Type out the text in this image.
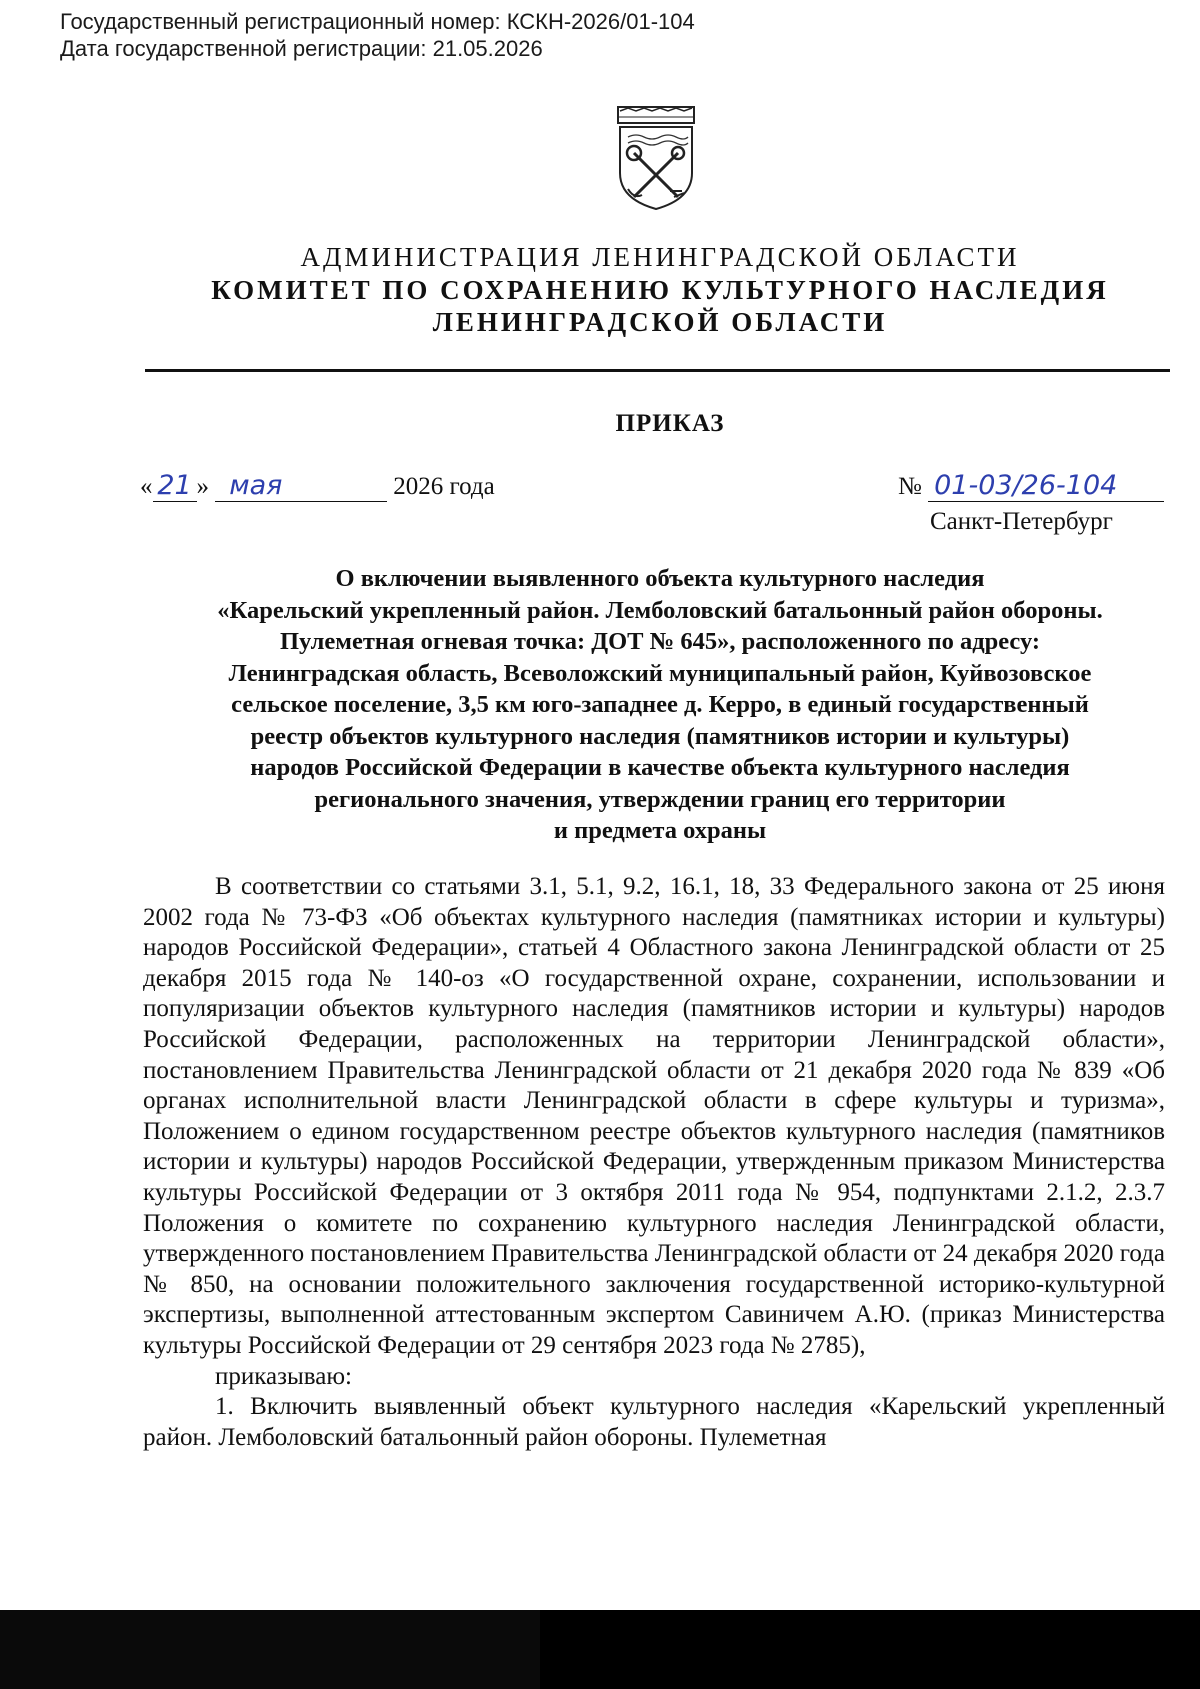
Государственный регистрационный номер: КСКН-2026/01-104
Дата государственной регистрации: 21.05.2026
АДМИНИСТРАЦИЯ ЛЕНИНГРАДСКОЙ ОБЛАСТИ
КОМИТЕТ ПО СОХРАНЕНИЮ КУЛЬТУРНОГО НАСЛЕДИЯ
ЛЕНИНГРАДСКОЙ ОБЛАСТИ
ПРИКАЗ
« 21 » мая	2026 года	№ 01-03/26-104
Санкт-Петербург
О включении выявленного объекта культурного наследия
«Карельский укрепленный район. Лемболовский батальонный район обороны.
Пулеметная огневая точка: ДОТ № 645», расположенного по адресу:
Ленинградская область, Всеволожский муниципальный район, Куйвозовское
сельское поселение, 3,5 км юго-западнее д. Керро, в единый государственный
реестр объектов культурного наследия (памятников истории и культуры)
народов Российской Федерации в качестве объекта культурного наследия
регионального значения, утверждении границ его территории
и предмета охраны

В соответствии со статьями 3.1, 5.1, 9.2, 16.1, 18, 33 Федерального закона от 25 июня 2002 года № 73-ФЗ «Об объектах культурного наследия (памятниках истории и культуры) народов Российской Федерации», статьей 4 Областного закона Ленинградской области от 25 декабря 2015 года № 140-оз «О государственной охране, сохранении, использовании и популяризации объектов культурного наследия (памятников истории и культуры) народов Российской Федерации, расположенных на территории Ленинградской области», постановлением Правительства Ленинградской области от 21 декабря 2020 года № 839 «Об органах исполнительной власти Ленинградской области в сфере культуры и туризма», Положением о едином государственном реестре объектов культурного наследия (памятников истории и культуры) народов Российской Федерации, утвержденным приказом Министерства культуры Российской Федерации от 3 октября 2011 года № 954, подпунктами 2.1.2, 2.3.7 Положения о комитете по сохранению культурного наследия Ленинградской области, утвержденного постановлением Правительства Ленинградской области от 24 декабря 2020 года № 850, на основании положительного заключения государственной историко-культурной экспертизы, выполненной аттестованным экспертом Савиничем А.Ю. (приказ Министерства культуры Российской Федерации от 29 сентября 2023 года № 2785),

приказываю:

1. Включить выявленный объект культурного наследия «Карельский укрепленный район. Лемболовский батальонный район обороны. Пулеметная
